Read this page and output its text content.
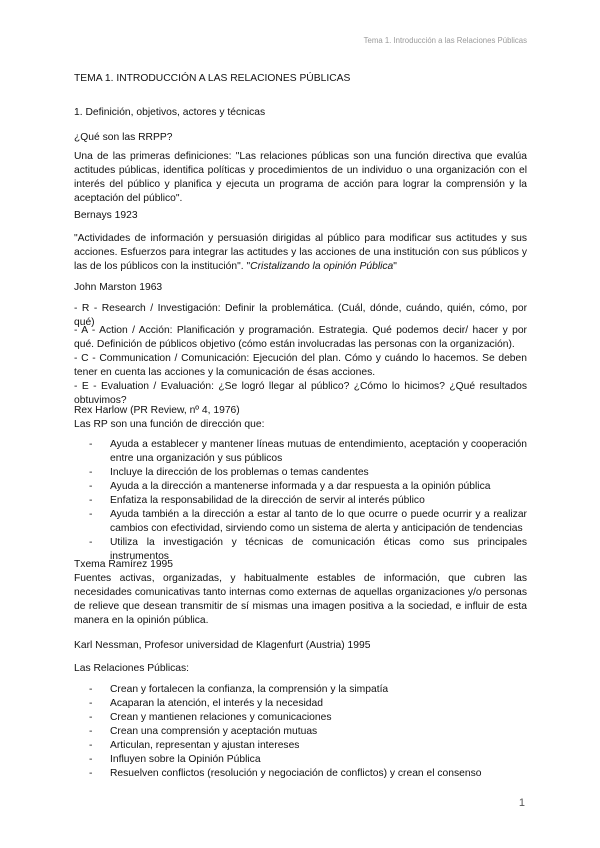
Tema 1. Introducción a las Relaciones Públicas
TEMA 1. INTRODUCCIÓN A LAS RELACIONES PÚBLICAS
1. Definición, objetivos, actores y técnicas
¿Qué son las RRPP?
Una de las primeras definiciones: "Las relaciones públicas son una función directiva que evalúa actitudes públicas, identifica políticas y procedimientos de un individuo o una organización con el interés del público y planifica y ejecuta un programa de acción para lograr la comprensión y la aceptación del público".
Bernays 1923
"Actividades de información y persuasión dirigidas al público para modificar sus actitudes y sus acciones. Esfuerzos para integrar las actitudes y las acciones de una institución con sus públicos y las de los públicos con la institución". "Cristalizando la opinión Pública"
John Marston 1963
- R - Research / Investigación: Definir la problemática. (Cuál, dónde, cuándo, quién, cómo, por qué)
- A - Action / Acción: Planificación y programación. Estrategia. Qué podemos decir/ hacer y por qué. Definición de públicos objetivo (cómo están involucradas las personas con la organización).
- C - Communication / Comunicación: Ejecución del plan. Cómo y cuándo lo hacemos. Se deben tener en cuenta las acciones y la comunicación de ésas acciones.
- E - Evaluation / Evaluación: ¿Se logró llegar al público? ¿Cómo lo hicimos? ¿Qué resultados obtuvimos?
Rex Harlow (PR Review, nº 4, 1976)
Las RP son una función de dirección que:
- Ayuda a establecer y mantener líneas mutuas de entendimiento, aceptación y cooperación entre una organización y sus públicos
- Incluye la dirección de los problemas o temas candentes
- Ayuda a la dirección a mantenerse informada y a dar respuesta a la opinión pública
- Enfatiza la responsabilidad de la dirección de servir al interés público
- Ayuda también a la dirección a estar al tanto de lo que ocurre o puede ocurrir y a realizar cambios con efectividad, sirviendo como un sistema de alerta y anticipación de tendencias
- Utiliza la investigación y técnicas de comunicación éticas como sus principales instrumentos
Txema Ramírez 1995
Fuentes activas, organizadas, y habitualmente estables de información, que cubren las necesidades comunicativas tanto internas como externas de aquellas organizaciones y/o personas de relieve que desean transmitir de sí mismas una imagen positiva a la sociedad, e influir de esta manera en la opinión pública.
Karl Nessman, Profesor universidad de Klagenfurt (Austria) 1995
Las Relaciones Públicas:
- Crean y fortalecen la confianza, la comprensión y la simpatía
- Acaparan la atención, el interés y la necesidad
- Crean y mantienen relaciones y comunicaciones
- Crean una comprensión y aceptación mutuas
- Articulan, representan y ajustan intereses
- Influyen sobre la Opinión Pública
- Resuelven conflictos (resolución y negociación de conflictos) y crean el consenso
1
